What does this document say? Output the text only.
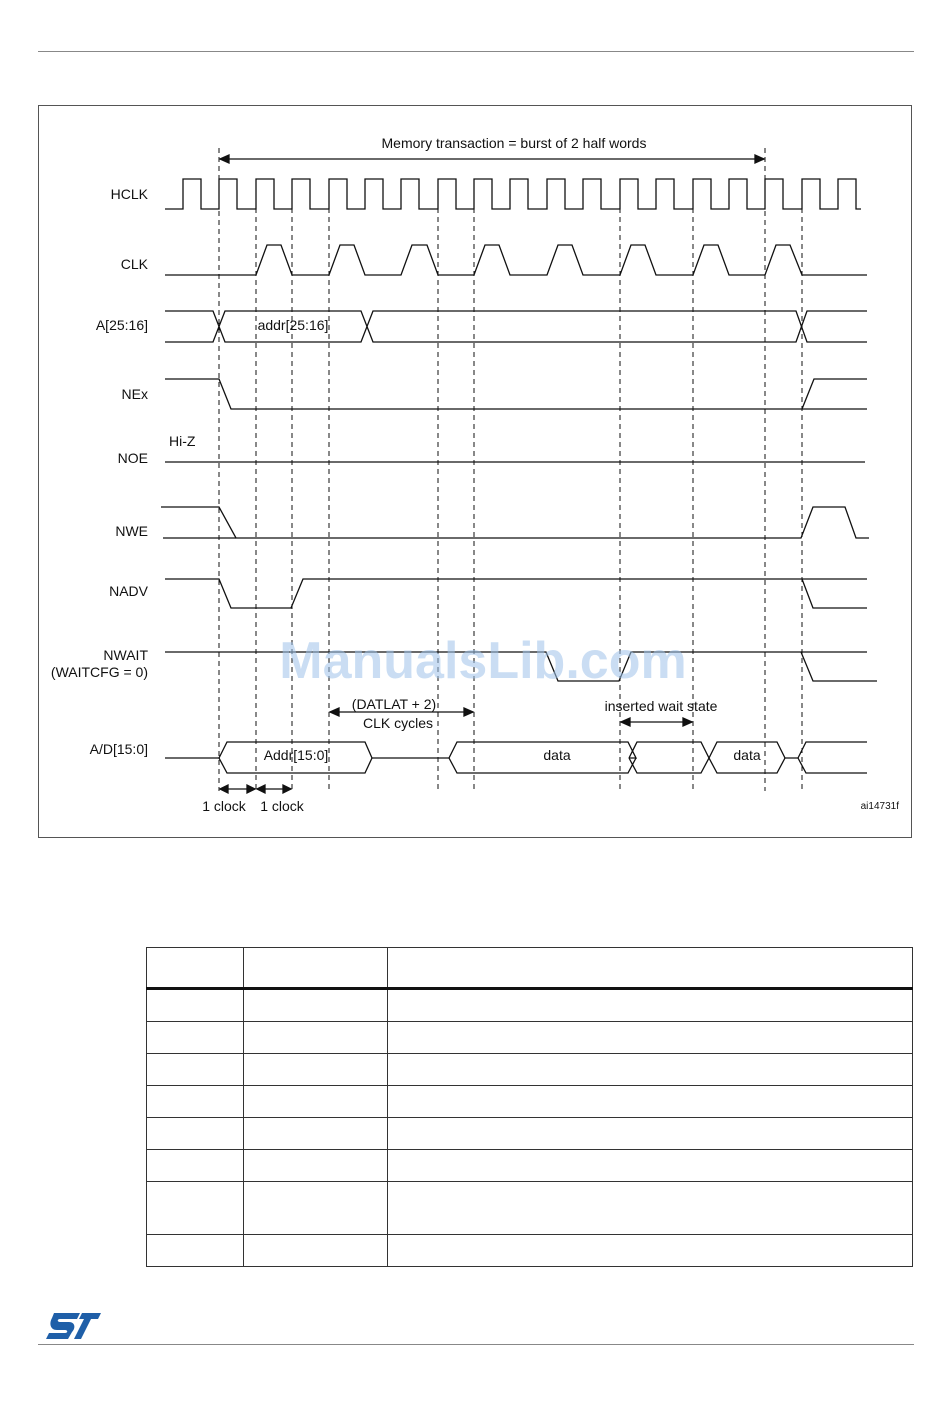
Memory transaction = burst of 2 half words
HCLK
CLK
A[25:16]
NEx
NOE
NWE
NADV
NWAIT
(WAITCFG = 0)
A/D[15:0]
addr[25:16]
Hi-Z
(DATLAT + 2)
CLK cycles
inserted wait state
Addr[15:0]	data	data
1 clock 1 clock	ai14731f
ManualsLib.com
